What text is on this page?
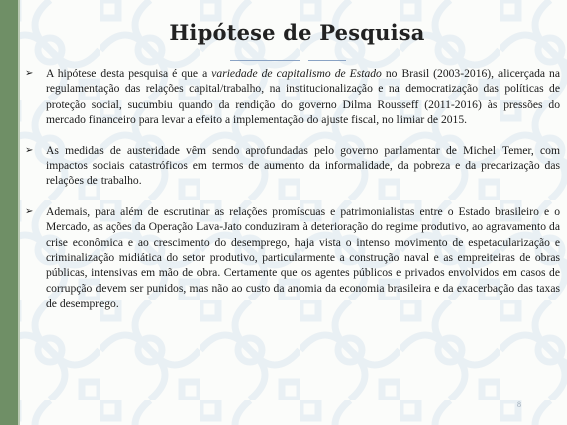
Hipótese de Pesquisa
➢ A hipótese desta pesquisa é que a variedade de capitalismo de Estado no Brasil (2003-2016), alicerçada na regulamentação das relações capital/trabalho, na institucionalização e na democratização das políticas de proteção social, sucumbiu quando da rendição do governo Dilma Rousseff (2011-2016) às pressões do mercado financeiro para levar a efeito a implementação do ajuste fiscal, no limiar de 2015.
➢ As medidas de austeridade vêm sendo aprofundadas pelo governo parlamentar de Michel Temer, com impactos sociais catastróficos em termos de aumento da informalidade, da pobreza e da precarização das relações de trabalho.
➢ Ademais, para além de escrutinar as relações promíscuas e patrimonialistas entre o Estado brasileiro e o Mercado, as ações da Operação Lava-Jato conduziram à deterioração do regime produtivo, ao agravamento da crise econômica e ao crescimento do desemprego, haja vista o intenso movimento de espetacularização e criminalização midiática do setor produtivo, particularmente a construção naval e as empreiteiras de obras públicas, intensivas em mão de obra. Certamente que os agentes públicos e privados envolvidos em casos de corrupção devem ser punidos, mas não ao custo da anomia da economia brasileira e da exacerbação das taxas de desemprego.
8
